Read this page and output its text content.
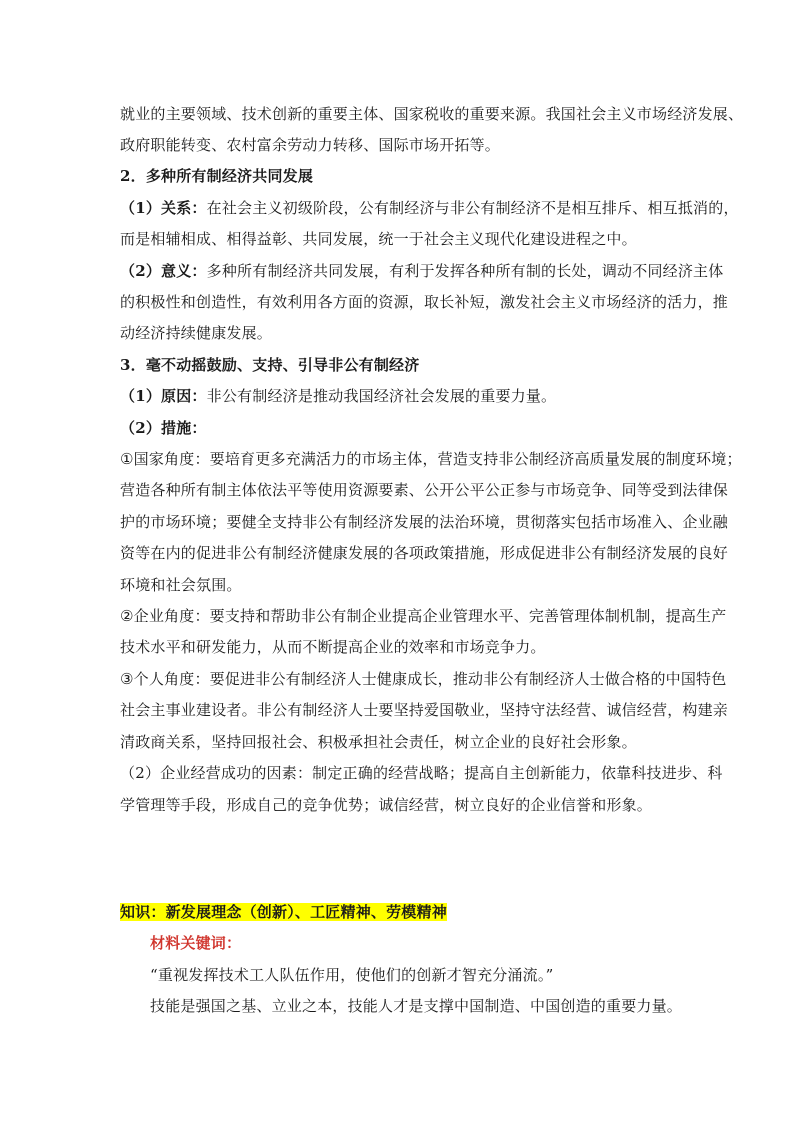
就业的主要领域、技术创新的重要主体、国家税收的重要来源。我国社会主义市场经济发展、
政府职能转变、农村富余劳动力转移、国际市场开拓等。
2．多种所有制经济共同发展
（1）关系：在社会主义初级阶段，公有制经济与非公有制经济不是相互排斥、相互抵消的，
而是相辅相成、相得益彰、共同发展，统一于社会主义现代化建设进程之中。
（2）意义：多种所有制经济共同发展，有利于发挥各种所有制的长处，调动不同经济主体
的积极性和创造性，有效利用各方面的资源，取长补短，激发社会主义市场经济的活力，推
动经济持续健康发展。
3．毫不动摇鼓励、支持、引导非公有制经济
（1）原因：非公有制经济是推动我国经济社会发展的重要力量。
（2）措施：
①国家角度：要培育更多充满活力的市场主体，营造支持非公制经济高质量发展的制度环境；
营造各种所有制主体依法平等使用资源要素、公开公平公正参与市场竞争、同等受到法律保
护的市场环境；要健全支持非公有制经济发展的法治环境，贯彻落实包括市场准入、企业融
资等在内的促进非公有制经济健康发展的各项政策措施，形成促进非公有制经济发展的良好
环境和社会氛围。
②企业角度：要支持和帮助非公有制企业提高企业管理水平、完善管理体制机制，提高生产
技术水平和研发能力，从而不断提高企业的效率和市场竞争力。
③个人角度：要促进非公有制经济人士健康成长，推动非公有制经济人士做合格的中国特色
社会主事业建设者。非公有制经济人士要坚持爱国敬业，坚持守法经营、诚信经营，构建亲
清政商关系，坚持回报社会、积极承担社会责任，树立企业的良好社会形象。
（2）企业经营成功的因素：制定正确的经营战略；提高自主创新能力，依靠科技进步、科
学管理等手段，形成自己的竞争优势；诚信经营，树立良好的企业信誉和形象。
知识：新发展理念（创新）、工匠精神、劳模精神
材料关键词：
“重视发挥技术工人队伍作用，使他们的创新才智充分涌流。”
技能是强国之基、立业之本，技能人才是支撑中国制造、中国创造的重要力量。
